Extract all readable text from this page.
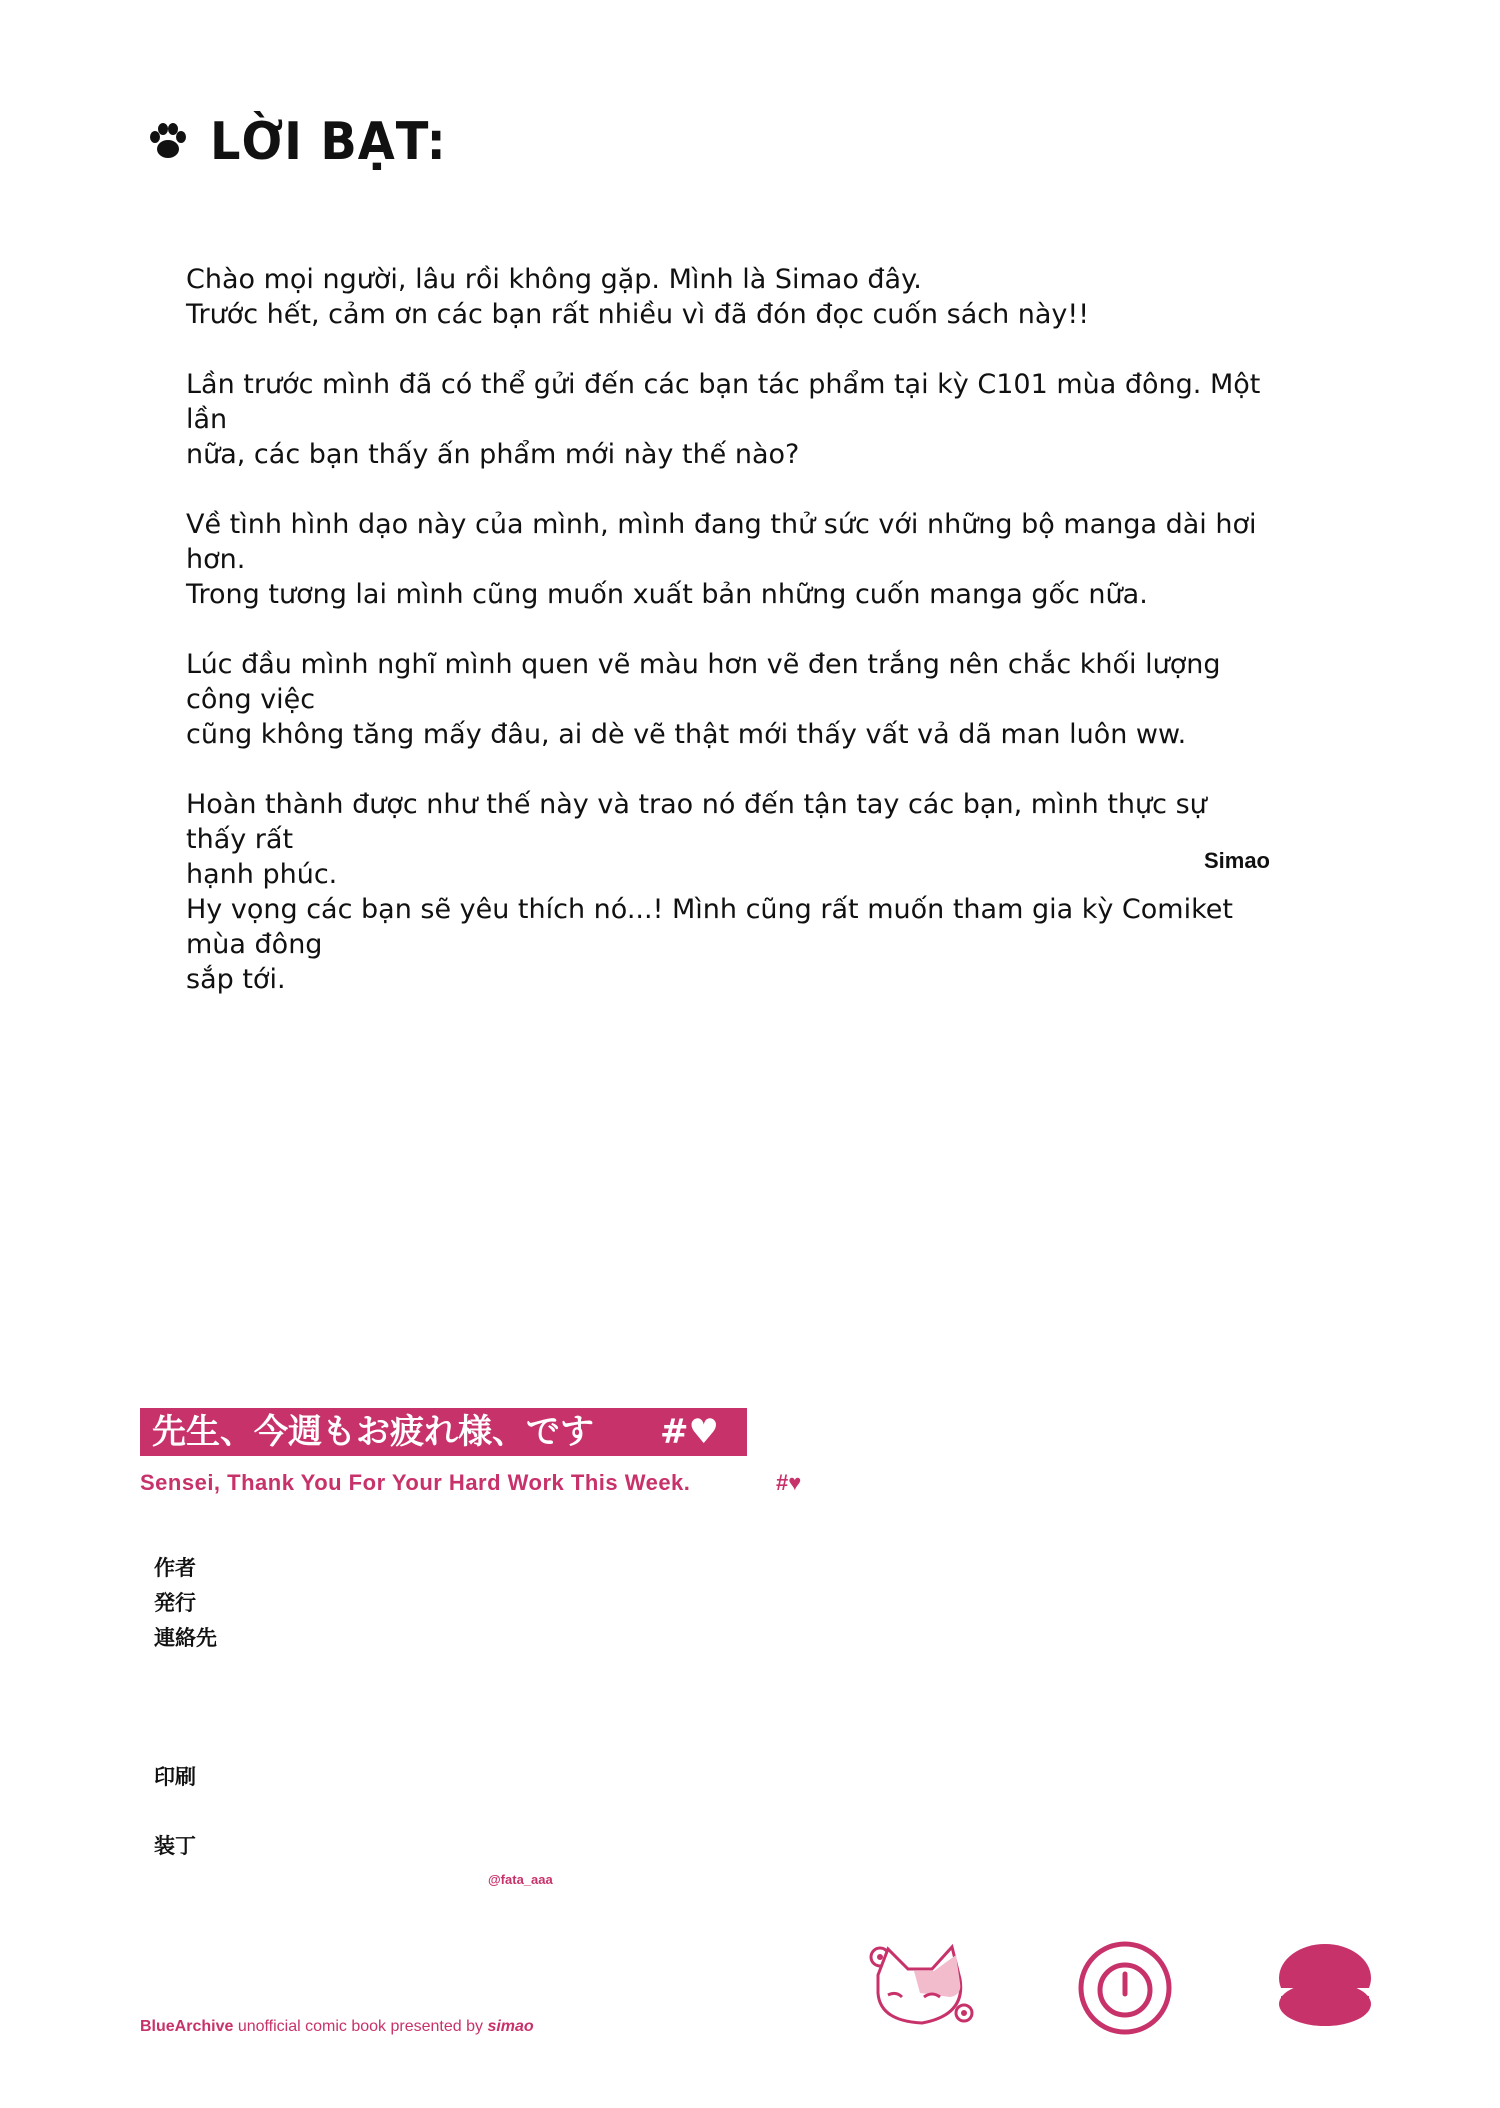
LỜI BẠT:

Chào mọi người, lâu rồi không gặp. Mình là Simao đây.
Trước hết, cảm ơn các bạn rất nhiều vì đã đón đọc cuốn sách này!!

Lần trước mình đã có thể gửi đến các bạn tác phẩm tại kỳ C101 mùa đông. Một lần
nữa, các bạn thấy ấn phẩm mới này thế nào?

Về tình hình dạo này của mình, mình đang thử sức với những bộ manga dài hơi hơn.
Trong tương lai mình cũng muốn xuất bản những cuốn manga gốc nữa.

Lúc đầu mình nghĩ mình quen vẽ màu hơn vẽ đen trắng nên chắc khối lượng công việc
cũng không tăng mấy đâu, ai dè vẽ thật mới thấy vất vả dã man luôn ww.

Hoàn thành được như thế này và trao nó đến tận tay các bạn, mình thực sự thấy rất
hạnh phúc.
Hy vọng các bạn sẽ yêu thích nó...! Mình cũng rất muốn tham gia kỳ Comiket mùa đông
sắp tới.

Simao
先生、今週もお疲れ様、です #♥
Sensei, Thank You For Your Hard Work This Week.	#♥
作者
発行
連絡先
印刷
装丁
@fata_aaa
BlueArchive unofficial comic book presented by simao
